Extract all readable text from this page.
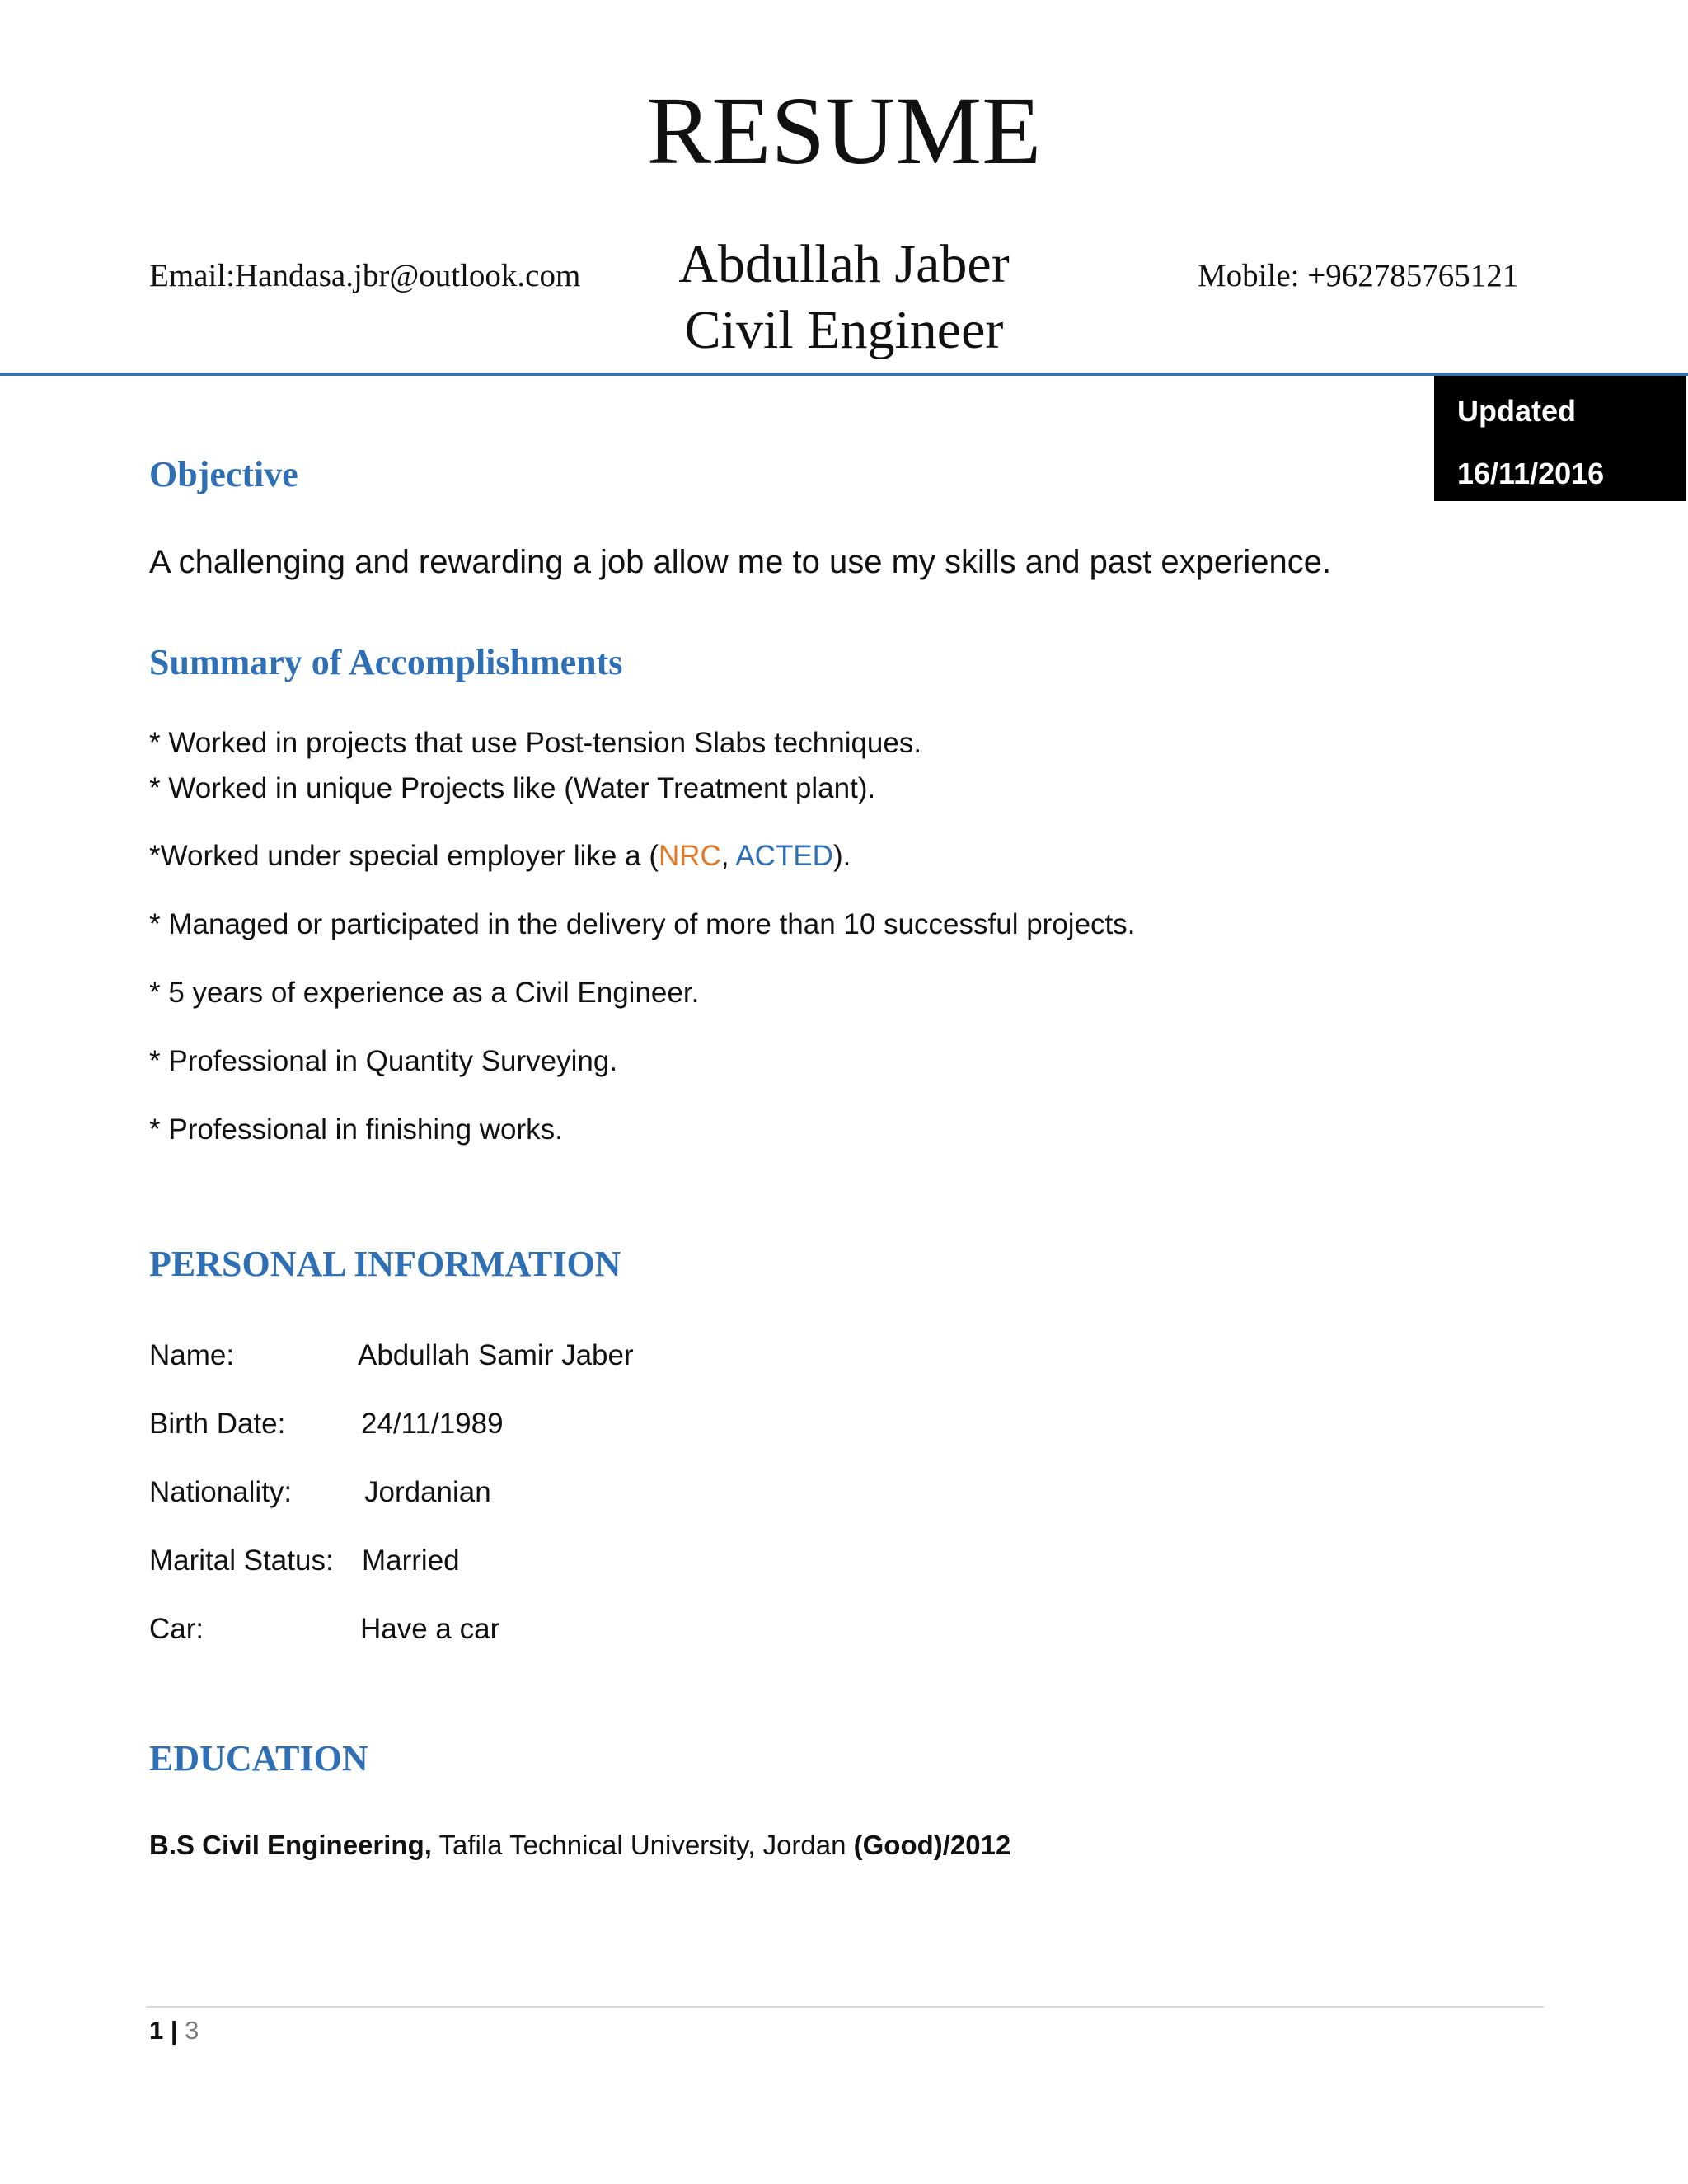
RESUME
Email:Handasa.jbr@outlook.com	Abdullah Jaber
Civil Engineer
Mobile: +962785765121
Updated
16/11/2016
Objective
A challenging and rewarding a job allow me to use my skills and past experience.
Summary of Accomplishments
* Worked in projects that use Post-tension Slabs techniques.
* Worked in unique Projects like (Water Treatment plant).
*Worked under special employer like a (NRC, ACTED).
* Managed or participated in the delivery of more than 10 successful projects.
* 5 years of experience as a Civil Engineer.
* Professional in Quantity Surveying.
* Professional in finishing works.
PERSONAL INFORMATION
Name:	Abdullah Samir Jaber
Birth Date:	24/11/1989
Nationality:	Jordanian
Marital Status: Married
Car:	Have a car
EDUCATION
B.S Civil Engineering, Tafila Technical University, Jordan (Good)/2012
1 | 3
